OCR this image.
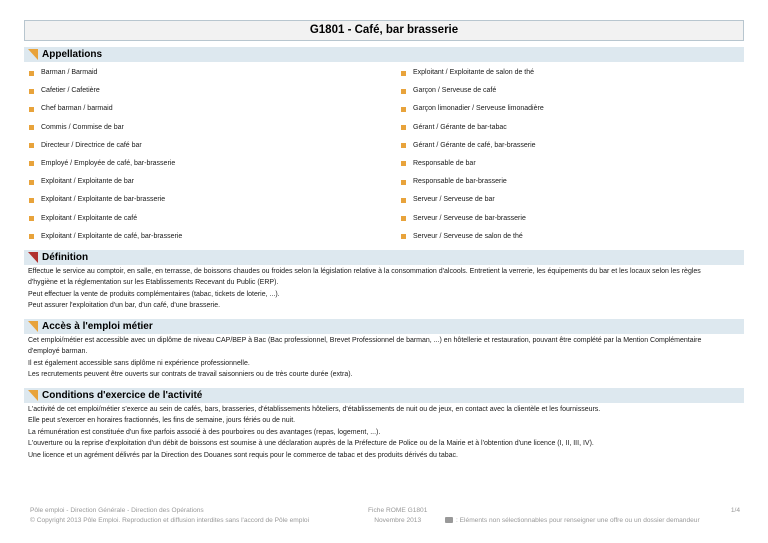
G1801 - Café, bar brasserie
Appellations
Barman / Barmaid
Cafetier / Cafetière
Chef barman / barmaid
Commis / Commise de bar
Directeur / Directrice de café bar
Employé / Employée de café, bar-brasserie
Exploitant / Exploitante de bar
Exploitant / Exploitante de bar-brasserie
Exploitant / Exploitante de café
Exploitant / Exploitante de café, bar-brasserie
Exploitant / Exploitante de salon de thé
Garçon / Serveuse de café
Garçon limonadier / Serveuse limonadière
Gérant / Gérante de bar-tabac
Gérant / Gérante de café, bar-brasserie
Responsable de bar
Responsable de bar-brasserie
Serveur / Serveuse de bar
Serveur / Serveuse de bar-brasserie
Serveur / Serveuse de salon de thé
Définition

Effectue le service au comptoir, en salle, en terrasse, de boissons chaudes ou froides selon la législation relative à la consommation d'alcools. Entretient la verrerie, les équipements du bar et les locaux selon les règles

d'hygiène et la réglementation sur les Etablissements Recevant du Public (ERP).

Peut effectuer la vente de produits complémentaires (tabac, tickets de loterie, ...).

Peut assurer l'exploitation d'un bar, d'un café, d'une brasserie.

Accès à l'emploi métier

Cet emploi/métier est accessible avec un diplôme de niveau CAP/BEP à Bac (Bac professionnel, Brevet Professionnel de barman, ...) en hôtellerie et restauration, pouvant être complété par la Mention Complémentaire

d'employé barman.

Il est également accessible sans diplôme ni expérience professionnelle.

Les recrutements peuvent être ouverts sur contrats de travail saisonniers ou de très courte durée (extra).

Conditions d'exercice de l'activité

L'activité de cet emploi/métier s'exerce au sein de cafés, bars, brasseries, d'établissements hôteliers, d'établissements de nuit ou de jeux, en contact avec la clientèle et les fournisseurs.

Elle peut s'exercer en horaires fractionnés, les fins de semaine, jours fériés ou de nuit.

La rémunération est constituée d'un fixe parfois associé à des pourboires ou des avantages (repas, logement, ...).

L'ouverture ou la reprise d'exploitation d'un débit de boissons est soumise à une déclaration auprès de la Préfecture de Police ou de la Mairie et à l'obtention d'une licence (I, II, III, IV).

Une licence et un agrément délivrés par la Direction des Douanes sont requis pour le commerce de tabac et des produits dérivés du tabac.

Pôle emploi - Direction Générale - Direction des Opérations
© Copyright 2013 Pôle Emploi. Reproduction et diffusion interdites sans l'accord de Pôle emploi
Fiche ROME G1801
Novembre 2013
1/4
: Eléments non sélectionnables pour renseigner une offre ou un dossier demandeur
